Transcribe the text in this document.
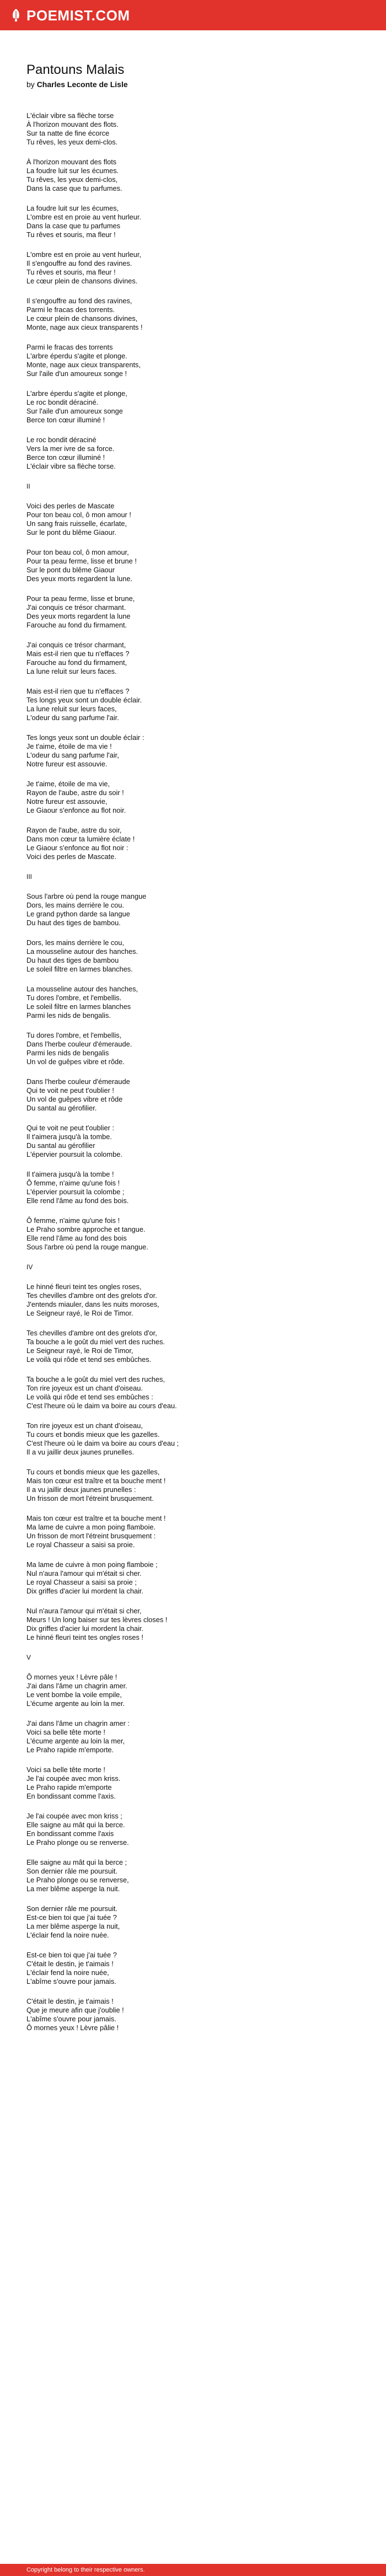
POEMIST.COM
Pantouns Malais
by Charles Leconte de Lisle
L'éclair vibre sa flèche torse
À l'horizon mouvant des flots.
Sur ta natte de fine écorce
Tu rêves, les yeux demi-clos.
À l'horizon mouvant des flots
La foudre luit sur les écumes.
Tu rêves, les yeux demi-clos,
Dans la case que tu parfumes.
La foudre luit sur les écumes,
L'ombre est en proie au vent hurleur.
Dans la case que tu parfumes
Tu rêves et souris, ma fleur !
L'ombre est en proie au vent hurleur,
Il s'engouffre au fond des ravines.
Tu rêves et souris, ma fleur !
Le cœur plein de chansons divines.
Il s'engouffre au fond des ravines,
Parmi le fracas des torrents.
Le cœur plein de chansons divines,
Monte, nage aux cieux transparents !
Parmi le fracas des torrents
L'arbre éperdu s'agite et plonge.
Monte, nage aux cieux transparents,
Sur l'aile d'un amoureux songe !
L'arbre éperdu s'agite et plonge,
Le roc bondit déraciné.
Sur l'aile d'un amoureux songe
Berce ton cœur illuminé !
Le roc bondit déraciné
Vers la mer ivre de sa force.
Berce ton cœur illuminé !
L'éclair vibre sa flèche torse.
II
Voici des perles de Mascate
Pour ton beau col, ô mon amour !
Un sang frais ruisselle, écarlate,
Sur le pont du blême Giaour.
Pour ton beau col, ô mon amour,
Pour ta peau ferme, lisse et brune !
Sur le pont du blême Giaour
Des yeux morts regardent la lune.
Pour ta peau ferme, lisse et brune,
J'ai conquis ce trésor charmant.
Des yeux morts regardent la lune
Farouche au fond du firmament.
J'ai conquis ce trésor charmant,
Mais est-il rien que tu n'effaces ?
Farouche au fond du firmament,
La lune reluit sur leurs faces.
Mais est-il rien que tu n'effaces ?
Tes longs yeux sont un double éclair.
La lune reluit sur leurs faces,
L'odeur du sang parfume l'air.
Tes longs yeux sont un double éclair :
Je t'aime, étoile de ma vie !
L'odeur du sang parfume l'air,
Notre fureur est assouvie.
Je t'aime, étoile de ma vie,
Rayon de l'aube, astre du soir !
Notre fureur est assouvie,
Le Giaour s'enfonce au flot noir.
Rayon de l'aube, astre du soir,
Dans mon cœur ta lumière éclate !
Le Giaour s'enfonce au flot noir :
Voici des perles de Mascate.
III
Sous l'arbre où pend la rouge mangue
Dors, les mains derrière le cou.
Le grand python darde sa langue
Du haut des tiges de bambou.
Dors, les mains derrière le cou,
La mousseline autour des hanches.
Du haut des tiges de bambou
Le soleil filtre en larmes blanches.
La mousseline autour des hanches,
Tu dores l'ombre, et l'embellis.
Le soleil filtre en larmes blanches
Parmi les nids de bengalis.
Tu dores l'ombre, et l'embellis,
Dans l'herbe couleur d'émeraude.
Parmi les nids de bengalis
Un vol de guêpes vibre et rôde.
Dans l'herbe couleur d'émeraude
Qui te voit ne peut t'oublier !
Un vol de guêpes vibre et rôde
Du santal au gérofilier.
Qui te voit ne peut t'oublier :
Il t'aimera jusqu'à la tombe.
Du santal au gérofilier
L'épervier poursuit la colombe.
Il t'aimera jusqu'à la tombe !
Ô femme, n'aime qu'une fois !
L'épervier poursuit la colombe ;
Elle rend l'âme au fond des bois.
Ô femme, n'aime qu'une fois !
Le Praho sombre approche et tangue.
Elle rend l'âme au fond des bois
Sous l'arbre où pend la rouge mangue.
IV
Le hinné fleuri teint tes ongles roses,
Tes chevilles d'ambre ont des grelots d'or.
J'entends miauler, dans les nuits moroses,
Le Seigneur rayé, le Roi de Timor.
Tes chevilles d'ambre ont des grelots d'or,
Ta bouche a le goût du miel vert des ruches.
Le Seigneur rayé, le Roi de Timor,
Le voilà qui rôde et tend ses embûches.
Ta bouche a le goût du miel vert des ruches,
Ton rire joyeux est un chant d'oiseau.
Le voilà qui rôde et tend ses embûches :
C'est l'heure où le daim va boire au cours d'eau.
Ton rire joyeux est un chant d'oiseau,
Tu cours et bondis mieux que les gazelles.
C'est l'heure où le daim va boire au cours d'eau ;
Il a vu jaillir deux jaunes prunelles.
Tu cours et bondis mieux que les gazelles,
Mais ton cœur est traître et ta bouche ment !
Il a vu jaillir deux jaunes prunelles :
Un frisson de mort l'étreint brusquement.
Mais ton cœur est traître et ta bouche ment !
Ma lame de cuivre a mon poing flamboie.
Un frisson de mort l'étreint brusquement :
Le royal Chasseur a saisi sa proie.
Ma lame de cuivre à mon poing flamboie ;
Nul n'aura l'amour qui m'était si cher.
Le royal Chasseur a saisi sa proie ;
Dix griffes d'acier lui mordent la chair.
Nul n'aura l'amour qui m'était si cher,
Meurs ! Un long baiser sur tes lèvres closes !
Dix griffes d'acier lui mordent la chair.
Le hinné fleuri teint tes ongles roses !
V
Ô mornes yeux ! Lèvre pâle !
J'ai dans l'âme un chagrin amer.
Le vent bombe la voile empile,
L'écume argente au loin la mer.
J'ai dans l'âme un chagrin amer :
Voici sa belle tête morte !
L'écume argente au loin la mer,
Le Praho rapide m'emporte.
Voici sa belle tête morte !
Je l'ai coupée avec mon kriss.
Le Praho rapide m'emporte
En bondissant comme l'axis.
Je l'ai coupée avec mon kriss ;
Elle saigne au mât qui la berce.
En bondissant comme l'axis
Le Praho plonge ou se renverse.
Elle saigne au mât qui la berce ;
Son dernier râle me poursuit.
Le Praho plonge ou se renverse,
La mer blême asperge la nuit.
Son dernier râle me poursuit.
Est-ce bien toi que j'ai tuée ?
La mer blême asperge la nuit,
L'éclair fend la noire nuée.
Est-ce bien toi que j'ai tuée ?
C'était le destin, je t'aimais !
L'éclair fend la noire nuée,
L'abîme s'ouvre pour jamais.
C'était le destin, je t'aimais !
Que je meure afin que j'oublie !
L'abîme s'ouvre pour jamais.
Ô mornes yeux ! Lèvre pâlie !
Copyright belong to their respective owners.
